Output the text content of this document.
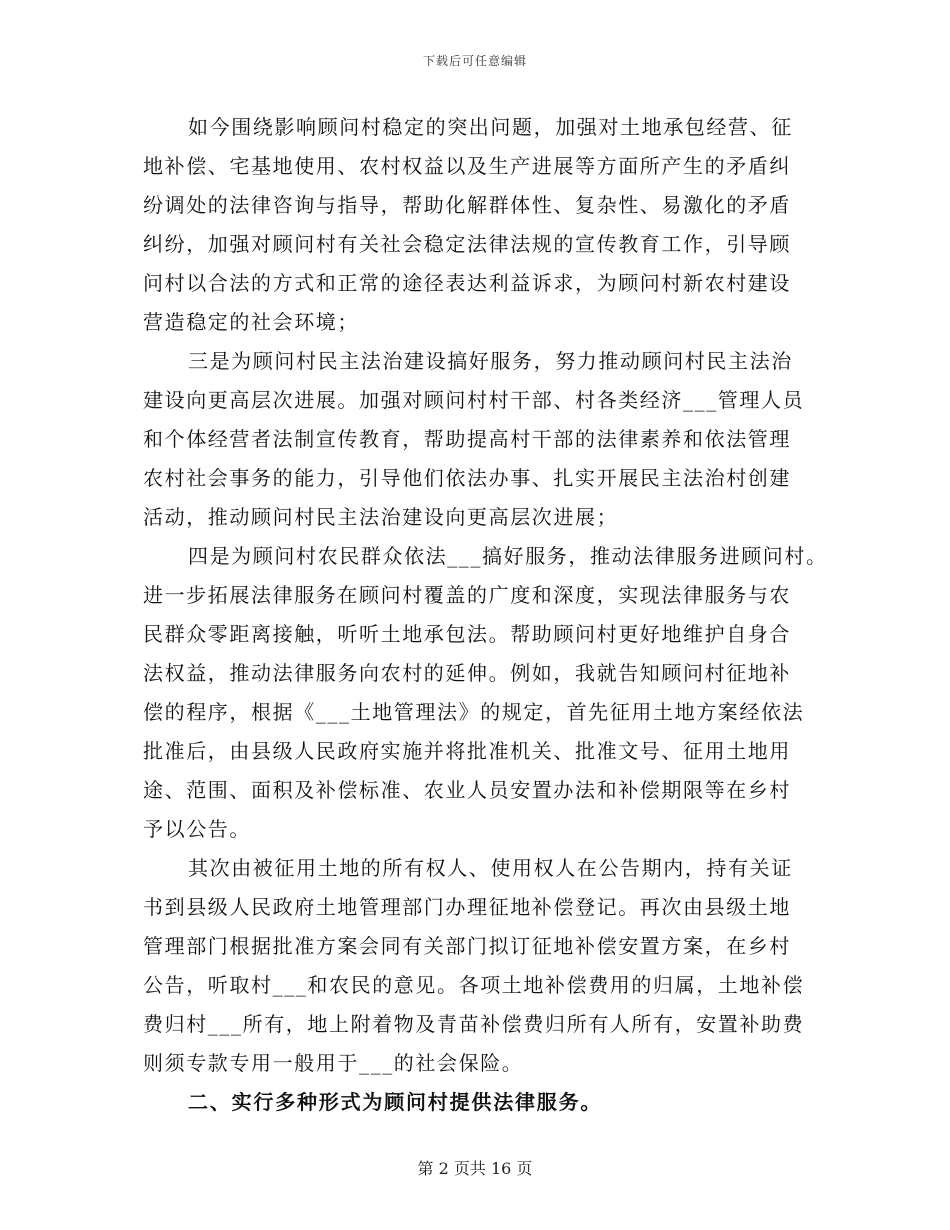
下载后可任意编辑
如今围绕影响顾问村稳定的突出问题，加强对土地承包经营、征
地补偿、宅基地使用、农村权益以及生产进展等方面所产生的矛盾纠
纷调处的法律咨询与指导，帮助化解群体性、复杂性、易激化的矛盾
纠纷，加强对顾问村有关社会稳定法律法规的宣传教育工作，引导顾
问村以合法的方式和正常的途径表达利益诉求，为顾问村新农村建设
营造稳定的社会环境；
三是为顾问村民主法治建设搞好服务，努力推动顾问村民主法治
建设向更高层次进展。加强对顾问村村干部、村各类经济___管理人员
和个体经营者法制宣传教育，帮助提高村干部的法律素养和依法管理
农村社会事务的能力，引导他们依法办事、扎实开展民主法治村创建
活动，推动顾问村民主法治建设向更高层次进展；
四是为顾问村农民群众依法___搞好服务，推动法律服务进顾问村。
进一步拓展法律服务在顾问村覆盖的广度和深度，实现法律服务与农
民群众零距离接触，听听土地承包法。帮助顾问村更好地维护自身合
法权益，推动法律服务向农村的延伸。例如，我就告知顾问村征地补
偿的程序，根据《___土地管理法》的规定，首先征用土地方案经依法
批准后，由县级人民政府实施并将批准机关、批准文号、征用土地用
途、范围、面积及补偿标准、农业人员安置办法和补偿期限等在乡村
予以公告。
其次由被征用土地的所有权人、使用权人在公告期内，持有关证
书到县级人民政府土地管理部门办理征地补偿登记。再次由县级土地
管理部门根据批准方案会同有关部门拟订征地补偿安置方案，在乡村
公告，听取村___和农民的意见。各项土地补偿费用的归属，土地补偿
费归村___所有，地上附着物及青苗补偿费归所有人所有，安置补助费
则须专款专用一般用于___的社会保险。
二、实行多种形式为顾问村提供法律服务。
第 2 页共 16 页
